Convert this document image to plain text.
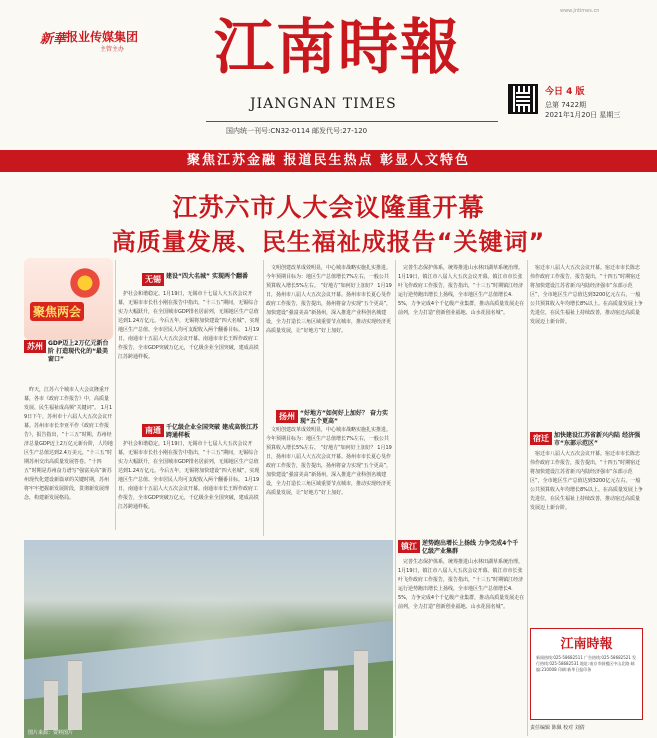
新華 报业传媒集团
主管主办
www.jntimes.cn
江南時報
JIANGNAN TIMES
国内统一刊号:CN32-0114 邮发代号:27-120
今日 4 版
总第 7422期
2021年1月20日 星期三
聚焦江苏金融 报道民生热点 彰显人文特色
江苏六市人大会议隆重开幕
高质量发展、民生福祉成报告“关键词”
聚焦两会
苏州 GDP迈上2万亿元新台阶 打造现代化的“最美窗口”
无锡 建设“四大名城” 实现两个翻番
南通 千亿级企业全国突破 建成高铁江苏跨通样板
扬州 “好地方”如何好上加好？ 奋力实现“五个更高”
镇江 逆势跑出增长上扬线 力争完成4个千亿级产业集群
宿迁 加快建设江苏省新兴内陆 经济强市“东部示范区”

昨天，江苏六个城市人大会议隆重开幕，各市《政府工作报告》中，高质量发展、民生福祉成高频“关键词”。 1月19日下午，苏州市十六届人大五次会议开幕。苏州市市长李亚平作《政府工作报告》，报告指出，“十三五”时期，苏州经济总量GDP迈上2万亿元新台阶，人均地区生产总值达到2.4万美元，“十三五”时期苏州交出高质量发展答卷。“十四五”时期是苏州奋力谱写“强富美高”新苏州现代化建设新篇章的关键时期，苏州将牢牢把握新发展阶段，贯彻新发展理念，构建新发展格局。

护社会和谐稳定。1月19日，无锡市十七届人大五次会议开幕，无锡市市长杜小刚在报告中指出，“十三五”期间，无锡综合实力大幅跃升，在全国城市GDP排名居前列，无锡地区生产总值达到1.24万亿元。今后五年，无锡将加快建设“四大名城”，实现地区生产总值、全市居民人均可支配收入两个翻番目标。 1月19日，南通市十五届人大五次会议开幕。南通市市长王晖作政府工作报告，全市GDP突破万亿元，千亿级企业全国突破，建成高铁江苏跨通样板。

文明创建改革成效明显，中心城市战略实施扎实推进。今年预期目标为：地区生产总值增长7%左右，一般公共预算收入增长5%左右。 “好地方”如何好上加好？ 1月19日，扬州市八届人大五次会议开幕。扬州市市长夏心旻作政府工作报告，报告提出，扬州将奋力实现“五个更高”，加快建设“强富美高”新扬州，深入推进产业科创名城建设，全力打造长三角区域重要节点城市，推动实现经济更高质量发展，让“好地方”好上加好。

完善生态保护体系，统筹推进山水林田湖草系统治理。 1月19日，镇江市八届人大五次会议开幕。镇江市市长张叶飞作政府工作报告，报告指出，“十三五”时期镇江经济运行逆势跑出增长上扬线，全市地区生产总值增长4.5%，力争完成4个千亿级产业集群，推动高质量发展走在前列，全力打造“创新创业福地、山水花园名城”。

宿迁市八届人大五次会议开幕。宿迁市市长陈忠伟作政府工作报告，报告提出，“十四五”时期宿迁将加快建设江苏省新兴内陆经济强市“东部示范区”，全市地区生产总值达到3200亿元左右，一般公共预算收入年均增长8%以上。在高质量发展上争先进位，在民生福祉上持续改善，推动宿迁高质量发展迈上新台阶。

护社会和谐稳定。1月19日，无锡市十七届人大五次会议开幕，无锡市市长杜小刚在报告中指出，“十三五”期间，无锡综合实力大幅跃升，在全国城市GDP排名居前列，无锡地区生产总值达到1.24万亿元。今后五年，无锡将加快建设“四大名城”，实现地区生产总值、全市居民人均可支配收入两个翻番目标。 1月19日，南通市十五届人大五次会议开幕。南通市市长王晖作政府工作报告，全市GDP突破万亿元，千亿级企业全国突破，建成高铁江苏跨通样板。

文明创建改革成效明显，中心城市战略实施扎实推进。今年预期目标为：地区生产总值增长7%左右，一般公共预算收入增长5%左右。 “好地方”如何好上加好？ 1月19日，扬州市八届人大五次会议开幕。扬州市市长夏心旻作政府工作报告，报告提出，扬州将奋力实现“五个更高”，加快建设“强富美高”新扬州，深入推进产业科创名城建设，全力打造长三角区域重要节点城市，推动实现经济更高质量发展，让“好地方”好上加好。

完善生态保护体系，统筹推进山水林田湖草系统治理。 1月19日，镇江市八届人大五次会议开幕。镇江市市长张叶飞作政府工作报告，报告指出，“十三五”时期镇江经济运行逆势跑出增长上扬线，全市地区生产总值增长4.5%，力争完成4个千亿级产业集群，推动高质量发展走在前列，全力打造“创新创业福地、山水花园名城”。

宿迁市八届人大五次会议开幕。宿迁市市长陈忠伟作政府工作报告，报告提出，“十四五”时期宿迁将加快建设江苏省新兴内陆经济强市“东部示范区”，全市地区生产总值达到3200亿元左右，一般公共预算收入年均增长8%以上。在高质量发展上争先进位，在民生福祉上持续改善，推动宿迁高质量发展迈上新台阶。

图片来源：资料图片
江南時報
新闻热线:025-58682511 广告热线:025-58682521 发行热线:025-58682531 地址:南京市鼓楼区中山北路 邮编:210008 印刷:新华日报印务
责任编辑 陈佩 校对 刘倩
